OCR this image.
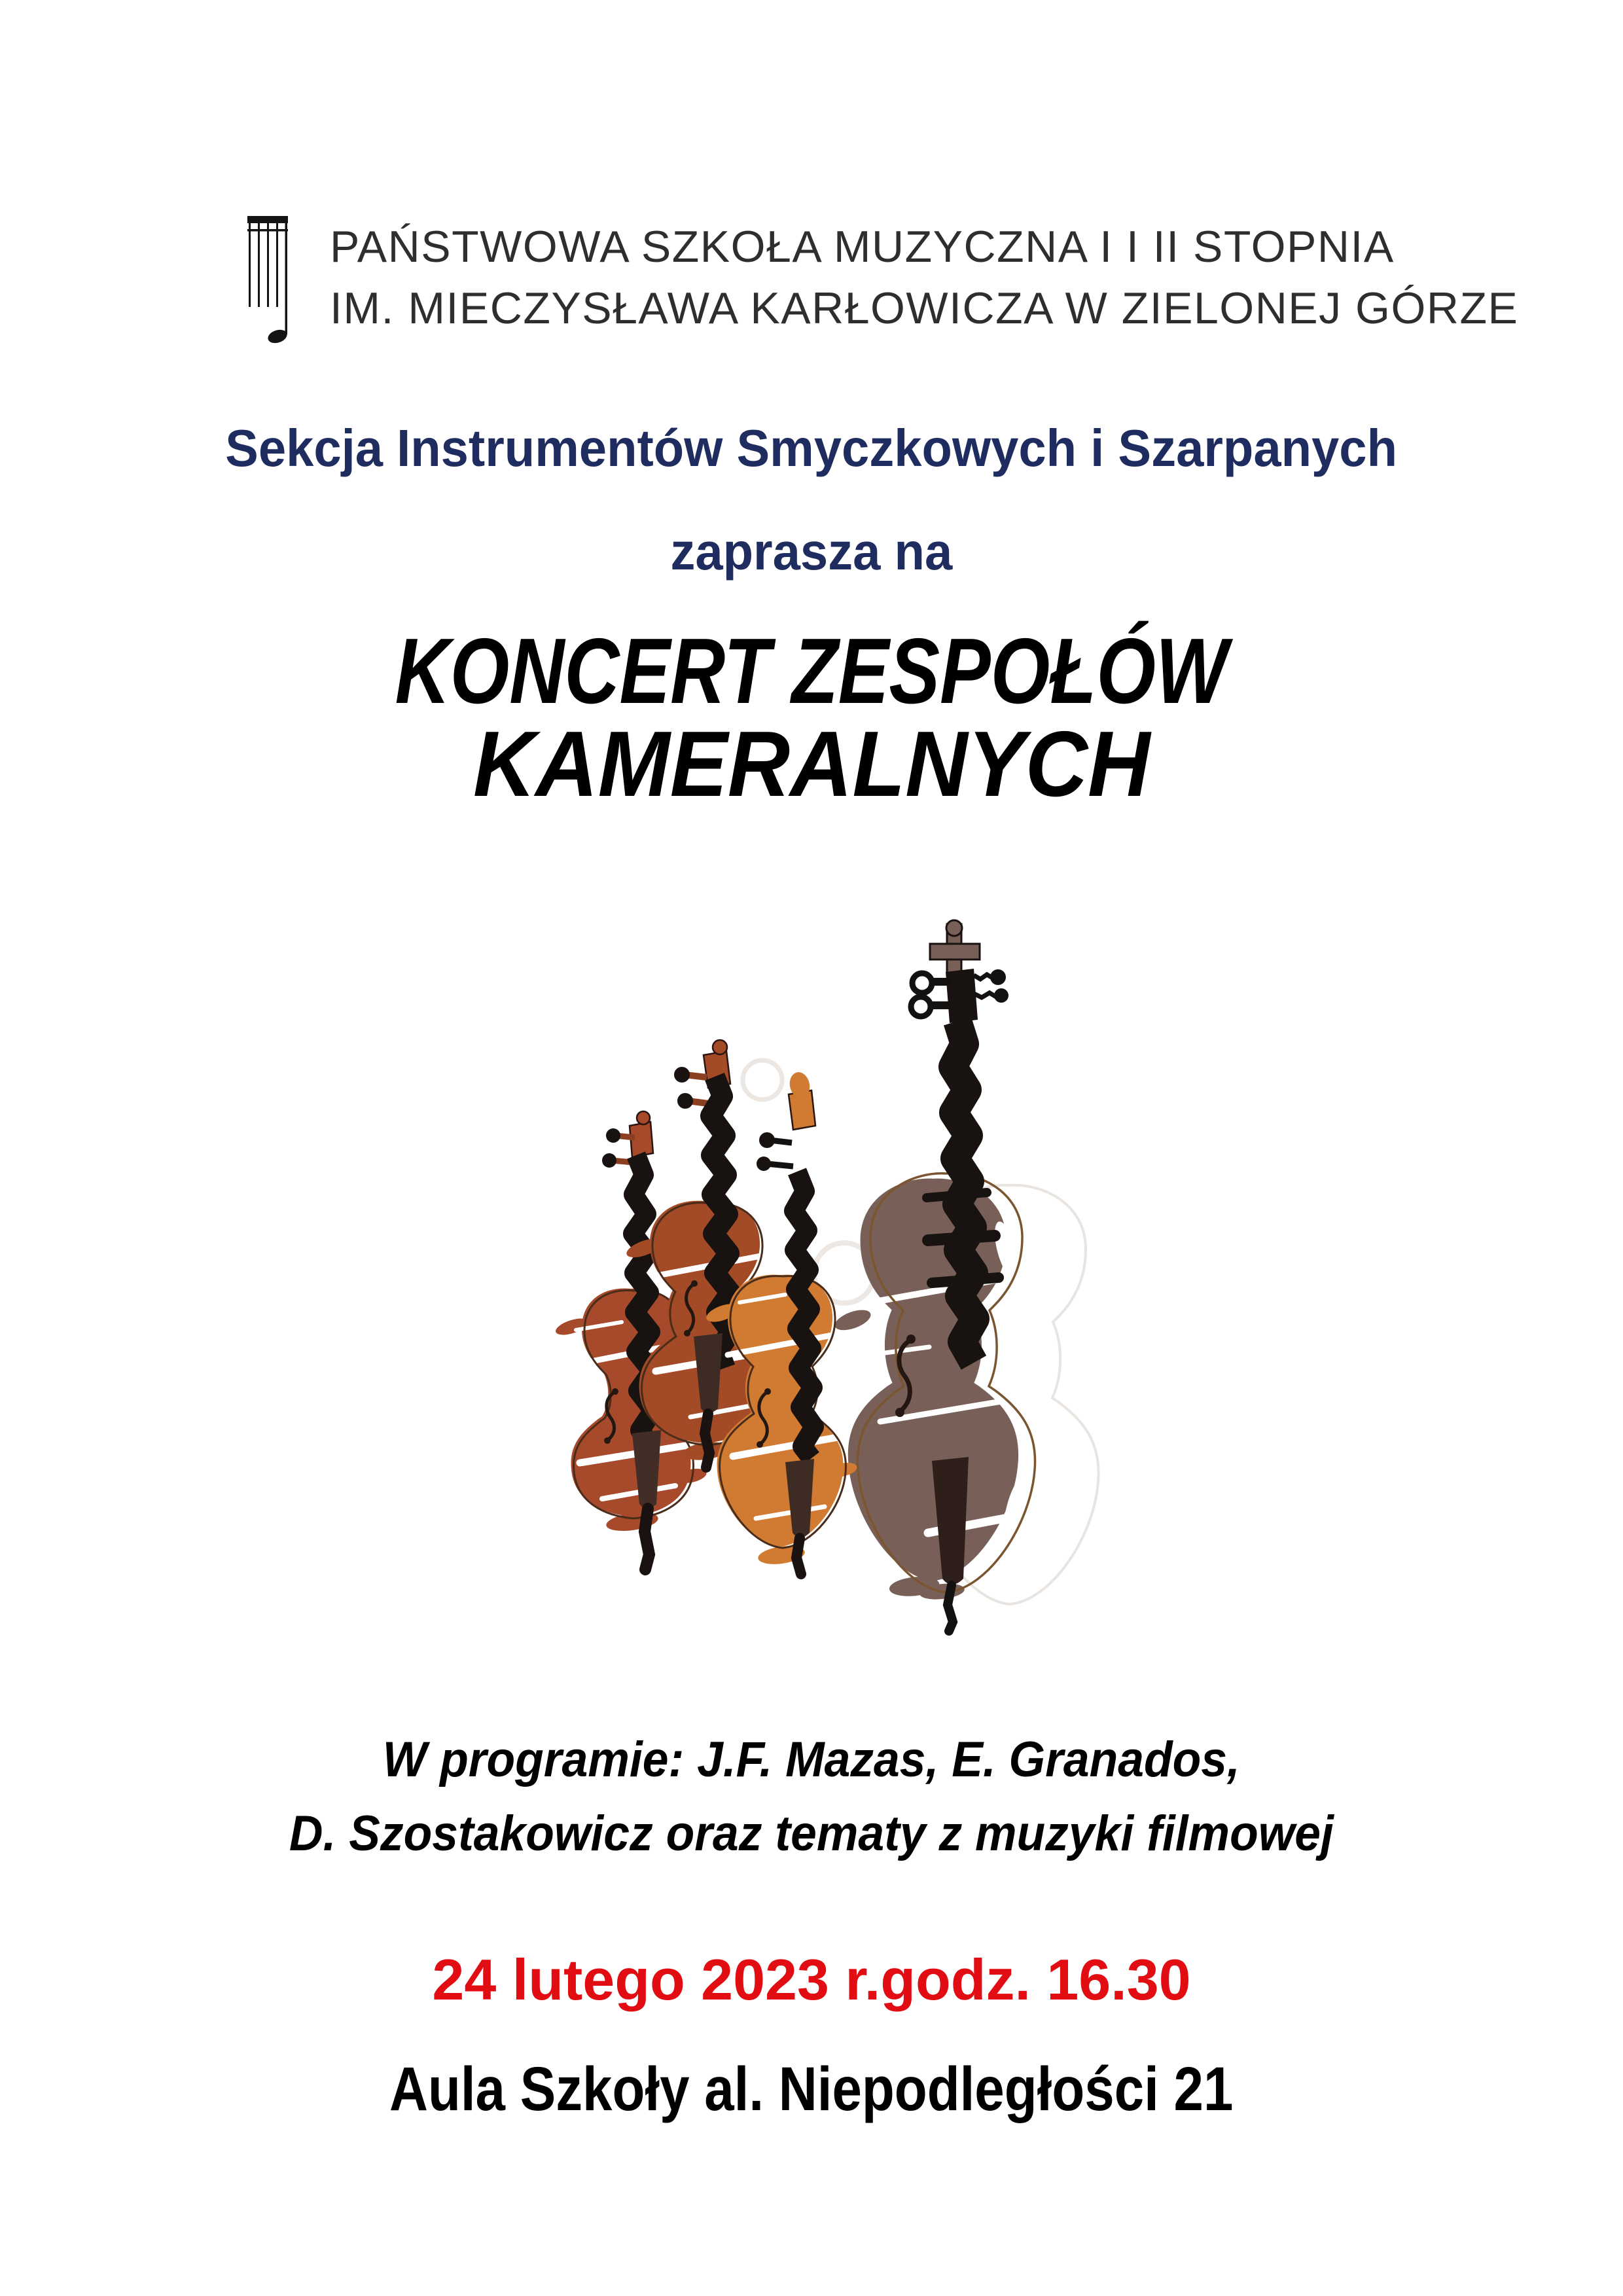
PAŃSTWOWA SZKOŁA MUZYCZNA I I II STOPNIA
IM. MIECZYSŁAWA KARŁOWICZA W ZIELONEJ GÓRZE
Sekcja Instrumentów Smyczkowych i Szarpanych
zaprasza na
KONCERT ZESPOŁÓW
KAMERALNYCH
W programie: J.F. Mazas, E. Granados,
D. Szostakowicz oraz tematy z muzyki filmowej
24 lutego 2023 r.godz. 16.30
Aula Szkoły al. Niepodległości 21
